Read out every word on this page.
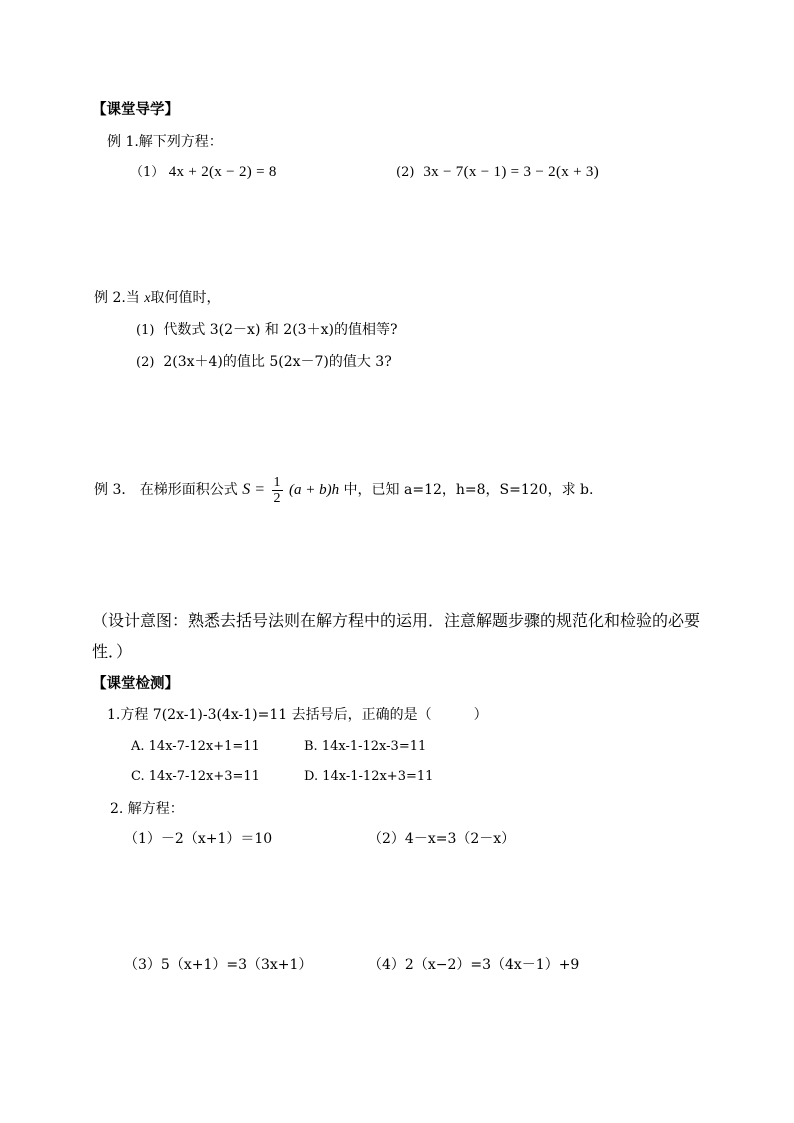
【课堂导学】
例 1.解下列方程：
（1） 4x + 2(x − 2) = 8	(2) 3x − 7(x − 1) = 3 − 2(x + 3)
例 2.当 x取何值时，
(1) 代数式 3(2－x) 和 2(3＋x)的值相等?
(2) 2(3x＋4)的值比 5(2x－7)的值大 3?
例 3． 在梯形面积公式 $S = \frac{1}{2} (a + b)h$ 中，已知 a=12，h=8，S=120，求 b.
（设计意图：熟悉去括号法则在解方程中的运用．注意解题步骤的规范化和检验的必要
性．）
【课堂检测】
1.方程 7(2x-1)-3(4x-1)=11 去括号后，正确的是（　　　）
A. 14x-7-12x+1=11	B. 14x-1-12x-3=11
C. 14x-7-12x+3=11	D. 14x-1-12x+3=11
2. 解方程：
（1）－2（x+1）＝10	（2）4－x=3（2－x）
（3）5（x+1）=3（3x+1）	（4）2（x−2）=3（4x－1）+9
